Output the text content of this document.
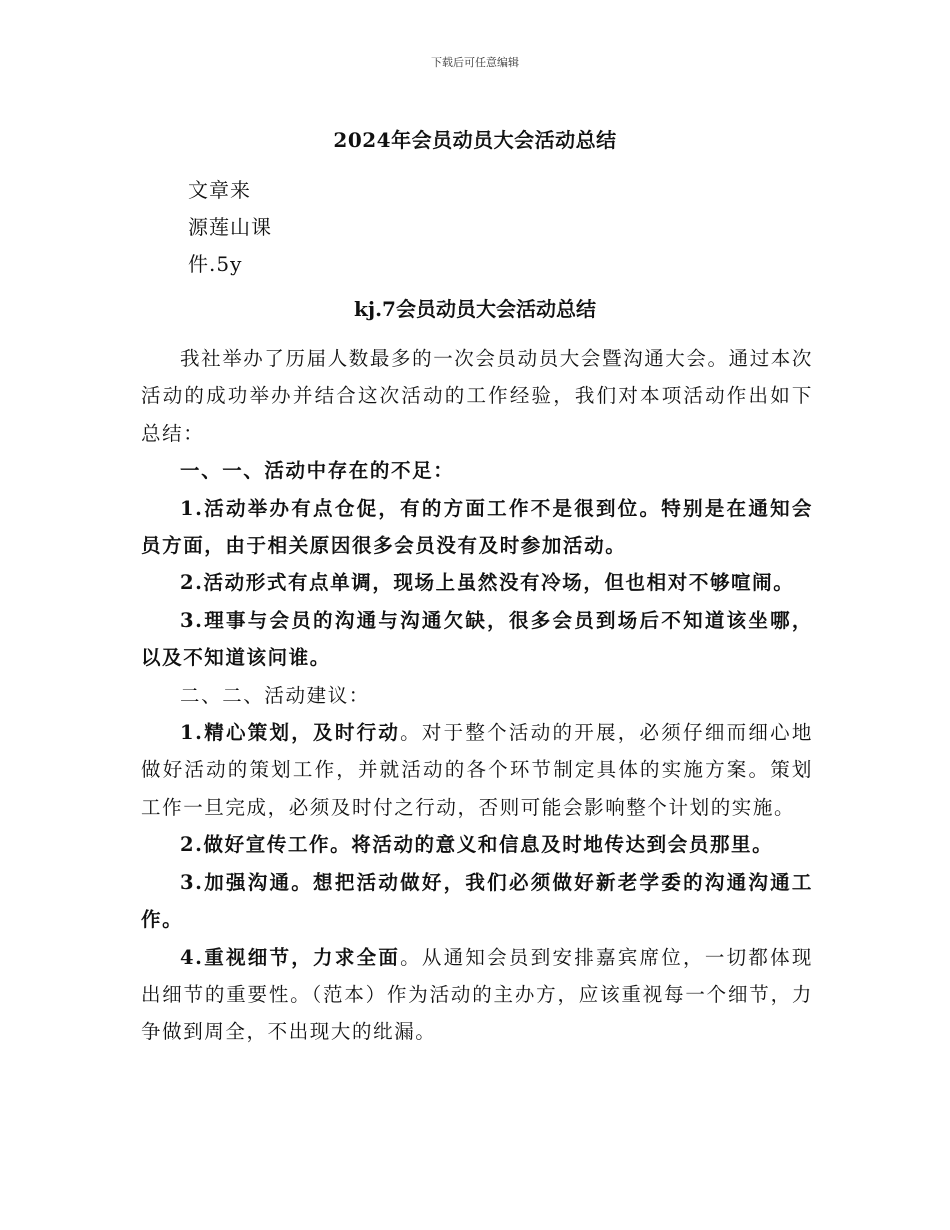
下载后可任意编辑
2024年会员动员大会活动总结
文章来
源莲山课
件.5y
kj.7会员动员大会活动总结

我社举办了历届人数最多的一次会员动员大会暨沟通大会。通过本次活动的成功举办并结合这次活动的工作经验，我们对本项活动作出如下总结：

一、一、活动中存在的不足：

1.活动举办有点仓促，有的方面工作不是很到位。特别是在通知会员方面，由于相关原因很多会员没有及时参加活动。

2.活动形式有点单调，现场上虽然没有冷场，但也相对不够喧闹。

3.理事与会员的沟通与沟通欠缺，很多会员到场后不知道该坐哪，以及不知道该问谁。

二、二、活动建议：

1.精心策划，及时行动。对于整个活动的开展，必须仔细而细心地做好活动的策划工作，并就活动的各个环节制定具体的实施方案。策划工作一旦完成，必须及时付之行动，否则可能会影响整个计划的实施。

2.做好宣传工作。将活动的意义和信息及时地传达到会员那里。

3.加强沟通。想把活动做好，我们必须做好新老学委的沟通沟通工作。

4.重视细节，力求全面。从通知会员到安排嘉宾席位，一切都体现出细节的重要性。（范本）作为活动的主办方，应该重视每一个细节，力争做到周全，不出现大的纰漏。
